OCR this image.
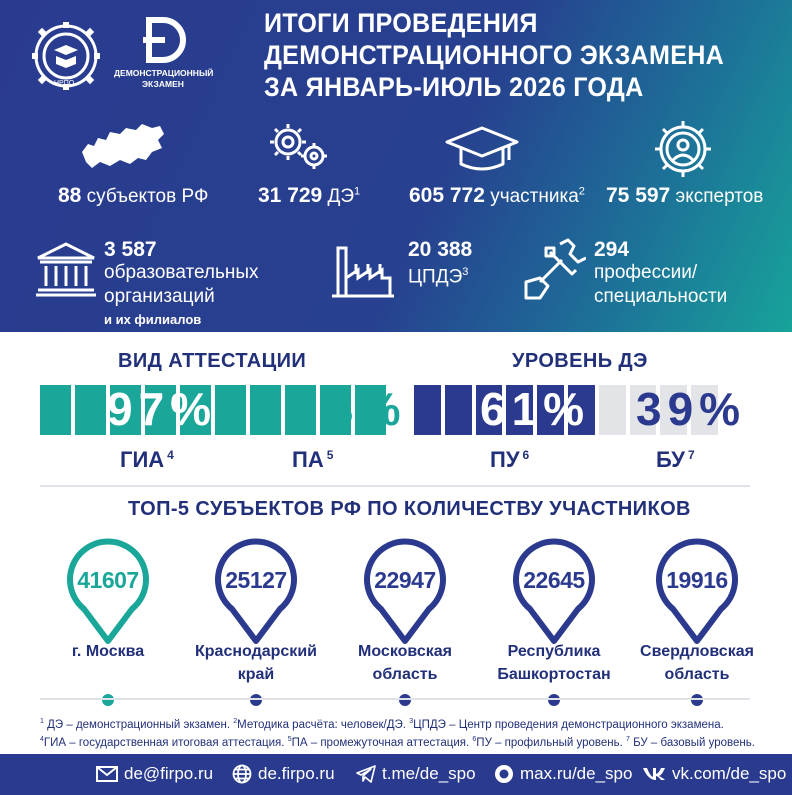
НРПО
ДЕМОНСТРАЦИОННЫЙ
ЭКЗАМЕН
ИТОГИ ПРОВЕДЕНИЯ
ДЕМОНСТРАЦИОННОГО ЭКЗАМЕНА
ЗА ЯНВАРЬ-ИЮЛЬ 2026 ГОДА
88 субъектов РФ 31 729 $ДЭ^1$ 605 772 участника$^2$ 75 597 экспертов
3 587
образовательных
организаций
и их филиалов
20 388
ЦПДЭ$^3$
294
профессии/
специальности
ВИД АТТЕСТАЦИИ
97% 3%
ГИА $^4$	ПА $^5$
УРОВЕНЬ ДЭ
61% 39%
ПУ $^6$	БУ $^7$
ТОП-5 СУБЪЕКТОВ РФ ПО КОЛИЧЕСТВУ УЧАСТНИКОВ
41607
г. Москва
25127
Краснодарский
край
22947
Московская
область
22645
Республика
Башкортостан
19916
Свердловская
область
$^1$ ДЭ – демонстрационный экзамен. $^2$Методика расчёта: человек/ДЭ. $^3$ЦПДЭ – Центр проведения демонстрационного экзамена.
$^4$ГИА – государственная итоговая аттестация. $^5$ПА – промежуточная аттестация. $^6$ПУ – профильный уровень. $^7$ БУ – базовый уровень.
de@firpo.ru	de.firpo.ru	t.me/de_spo	max.ru/de_spo vk.com/de_spo
